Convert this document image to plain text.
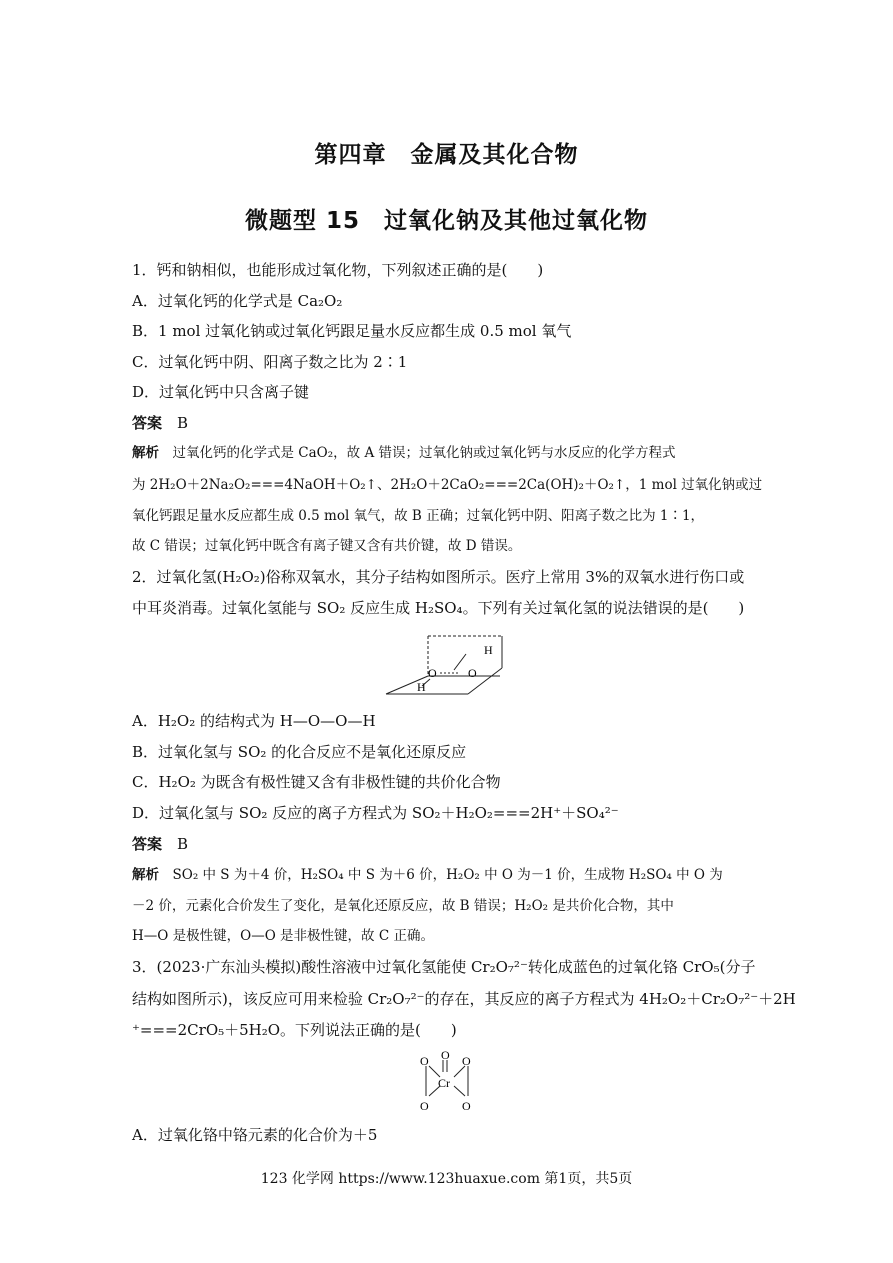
第四章　金属及其化合物
微题型 15　过氧化钠及其他过氧化物
1．钙和钠相似，也能形成过氧化物，下列叙述正确的是(　　)
A．过氧化钙的化学式是 Ca₂O₂
B．1 mol 过氧化钠或过氧化钙跟足量水反应都生成 0.5 mol 氧气
C．过氧化钙中阴、阳离子数之比为 2∶1
D．过氧化钙中只含离子键
答案　 B
解析　 过氧化钙的化学式是 CaO₂，故 A 错误；过氧化钠或过氧化钙与水反应的化学方程式
为 2H₂O＋2Na₂O₂===4NaOH＋O₂↑、2H₂O＋2CaO₂===2Ca(OH)₂＋O₂↑，1 mol 过氧化钠或过
氧化钙跟足量水反应都生成 0.5 mol 氧气，故 B 正确；过氧化钙中阴、阳离子数之比为 1∶1，
故 C 错误；过氧化钙中既含有离子键又含有共价键，故 D 错误。
2．过氧化氢(H₂O₂)俗称双氧水，其分子结构如图所示。医疗上常用 3%的双氧水进行伤口或
中耳炎消毒。过氧化氢能与 SO₂ 反应生成 H₂SO₄。下列有关过氧化氢的说法错误的是(　　)
H
O	O
H
A．H₂O₂ 的结构式为 H—O—O—H
B．过氧化氢与 SO₂ 的化合反应不是氧化还原反应
C．H₂O₂ 为既含有极性键又含有非极性键的共价化合物
D．过氧化氢与 SO₂ 反应的离子方程式为 SO₂＋H₂O₂===2H⁺＋SO₄²⁻
答案　 B
解析　 SO₂ 中 S 为＋4 价，H₂SO₄ 中 S 为＋6 价，H₂O₂ 中 O 为－1 价，生成物 H₂SO₄ 中 O 为
－2 价，元素化合价发生了变化，是氧化还原反应，故 B 错误；H₂O₂ 是共价化合物，其中
H—O 是极性键，O—O 是非极性键，故 C 正确。
3．(2023·广东汕头模拟)酸性溶液中过氧化氢能使 Cr₂O₇²⁻转化成蓝色的过氧化铬 CrO₅(分子
结构如图所示)，该反应可用来检验 Cr₂O₇²⁻的存在，其反应的离子方程式为 4H₂O₂＋Cr₂O₇²⁻＋2H
⁺===2CrO₅＋5H₂O。下列说法正确的是(　　)
O
O	O
Cr
O	O
A．过氧化铬中铬元素的化合价为＋5
123 化学网 https://www.123huaxue.com 第1页，共5页
